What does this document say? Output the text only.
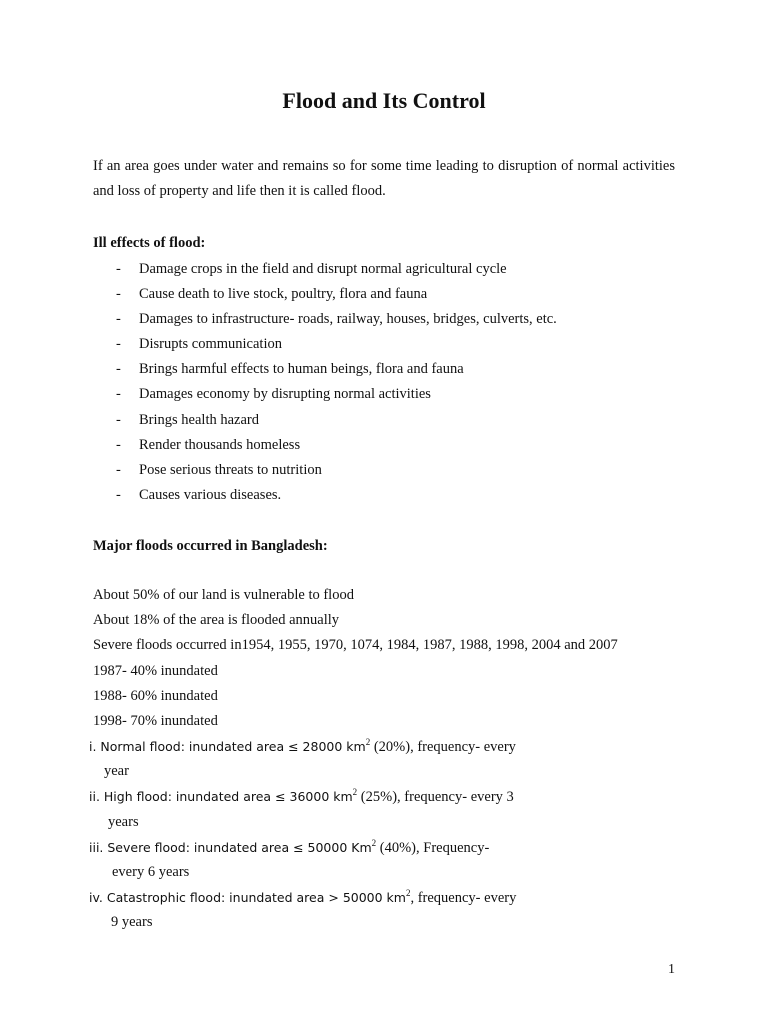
Flood and Its Control

If an area goes under water and remains so for some time leading to disruption of normal activities and loss of property and life then it is called flood.

Ill effects of flood:

- Damage crops in the field and disrupt normal agricultural cycle
- Cause death to live stock, poultry, flora and fauna
- Damages to infrastructure- roads, railway, houses, bridges, culverts, etc.
- Disrupts communication
- Brings harmful effects to human beings, flora and fauna
- Damages economy by disrupting normal activities
- Brings health hazard
- Render thousands homeless
- Pose serious threats to nutrition
- Causes various diseases.

Major floods occurred in Bangladesh:

About 50% of our land is vulnerable to flood
About 18% of the area is flooded annually
Severe floods occurred in1954, 1955, 1970, 1074, 1984, 1987, 1988, 1998, 2004 and 2007
1987- 40% inundated
1988- 60% inundated
1998- 70% inundated
i. Normal flood: inundated area ≤ 28000 $km^2$ (20%), frequency- every
year
ii. High flood: inundated area ≤ 36000 $km^2$ (25%), frequency- every 3
years
iii. Severe flood: inundated area ≤ 50000 Km$^2$ (40%), Frequency-
every 6 years
iv. Catastrophic flood: inundated area > 50000 $km^2$, frequency- every
9 years
1
